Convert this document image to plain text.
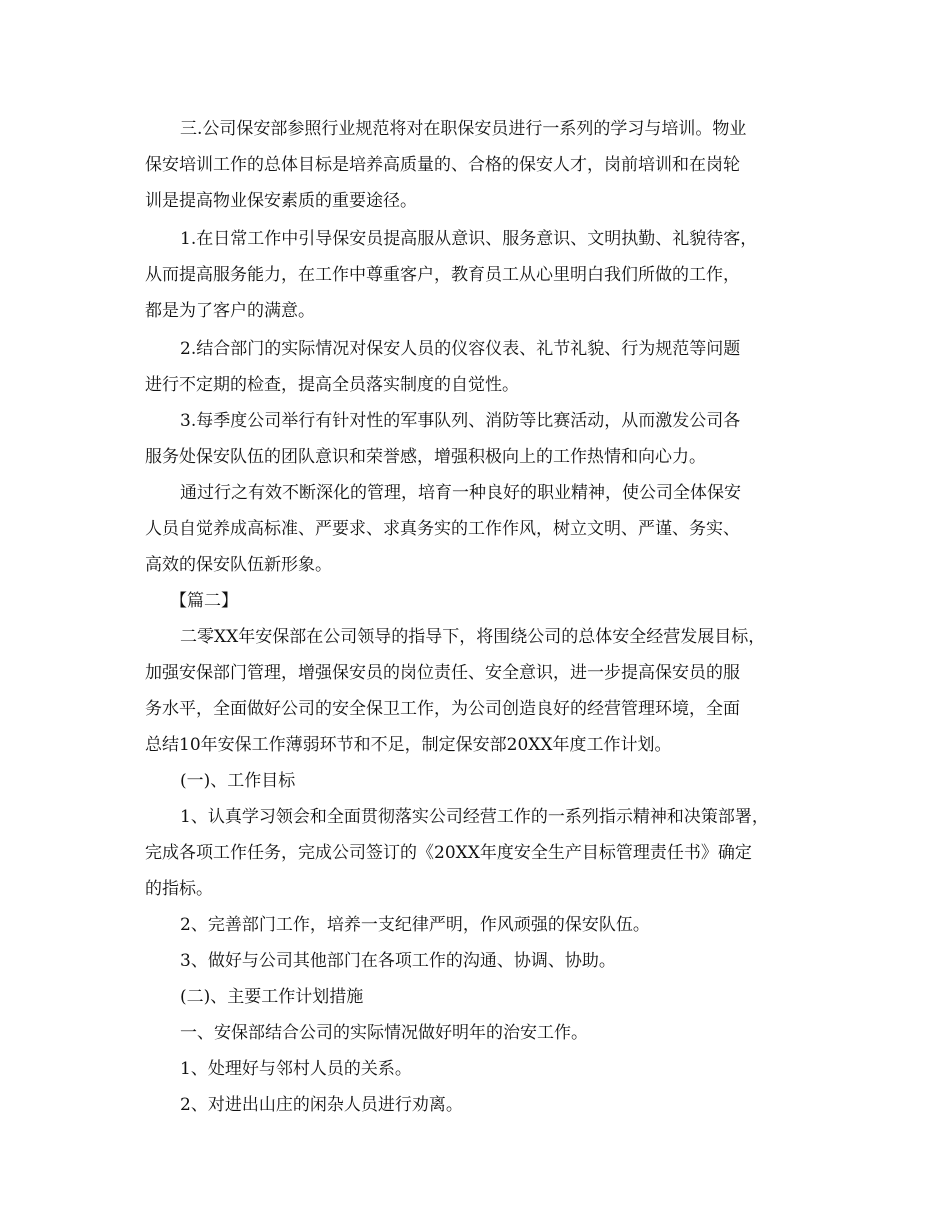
三.公司保安部参照行业规范将对在职保安员进行一系列的学习与培训。物业
保安培训工作的总体目标是培养高质量的、合格的保安人才，岗前培训和在岗轮
训是提高物业保安素质的重要途径。
1.在日常工作中引导保安员提高服从意识、服务意识、文明执勤、礼貌待客，
从而提高服务能力，在工作中尊重客户，教育员工从心里明白我们所做的工作，
都是为了客户的满意。
2.结合部门的实际情况对保安人员的仪容仪表、礼节礼貌、行为规范等问题
进行不定期的检查，提高全员落实制度的自觉性。
3.每季度公司举行有针对性的军事队列、消防等比赛活动，从而激发公司各
服务处保安队伍的团队意识和荣誉感，增强积极向上的工作热情和向心力。
通过行之有效不断深化的管理，培育一种良好的职业精神，使公司全体保安
人员自觉养成高标准、严要求、求真务实的工作作风，树立文明、严谨、务实、
高效的保安队伍新形象。
【篇二】
二零XX年安保部在公司领导的指导下，将围绕公司的总体安全经营发展目标，
加强安保部门管理，增强保安员的岗位责任、安全意识，进一步提高保安员的服
务水平，全面做好公司的安全保卫工作，为公司创造良好的经营管理环境，全面
总结10年安保工作薄弱环节和不足，制定保安部20XX年度工作计划。
(一)、工作目标
1、认真学习领会和全面贯彻落实公司经营工作的一系列指示精神和决策部署，
完成各项工作任务，完成公司签订的《20XX年度安全生产目标管理责任书》确定
的指标。
2、完善部门工作，培养一支纪律严明，作风顽强的保安队伍。
3、做好与公司其他部门在各项工作的沟通、协调、协助。
(二)、主要工作计划措施
一、安保部结合公司的实际情况做好明年的治安工作。
1、处理好与邻村人员的关系。
2、对进出山庄的闲杂人员进行劝离。
